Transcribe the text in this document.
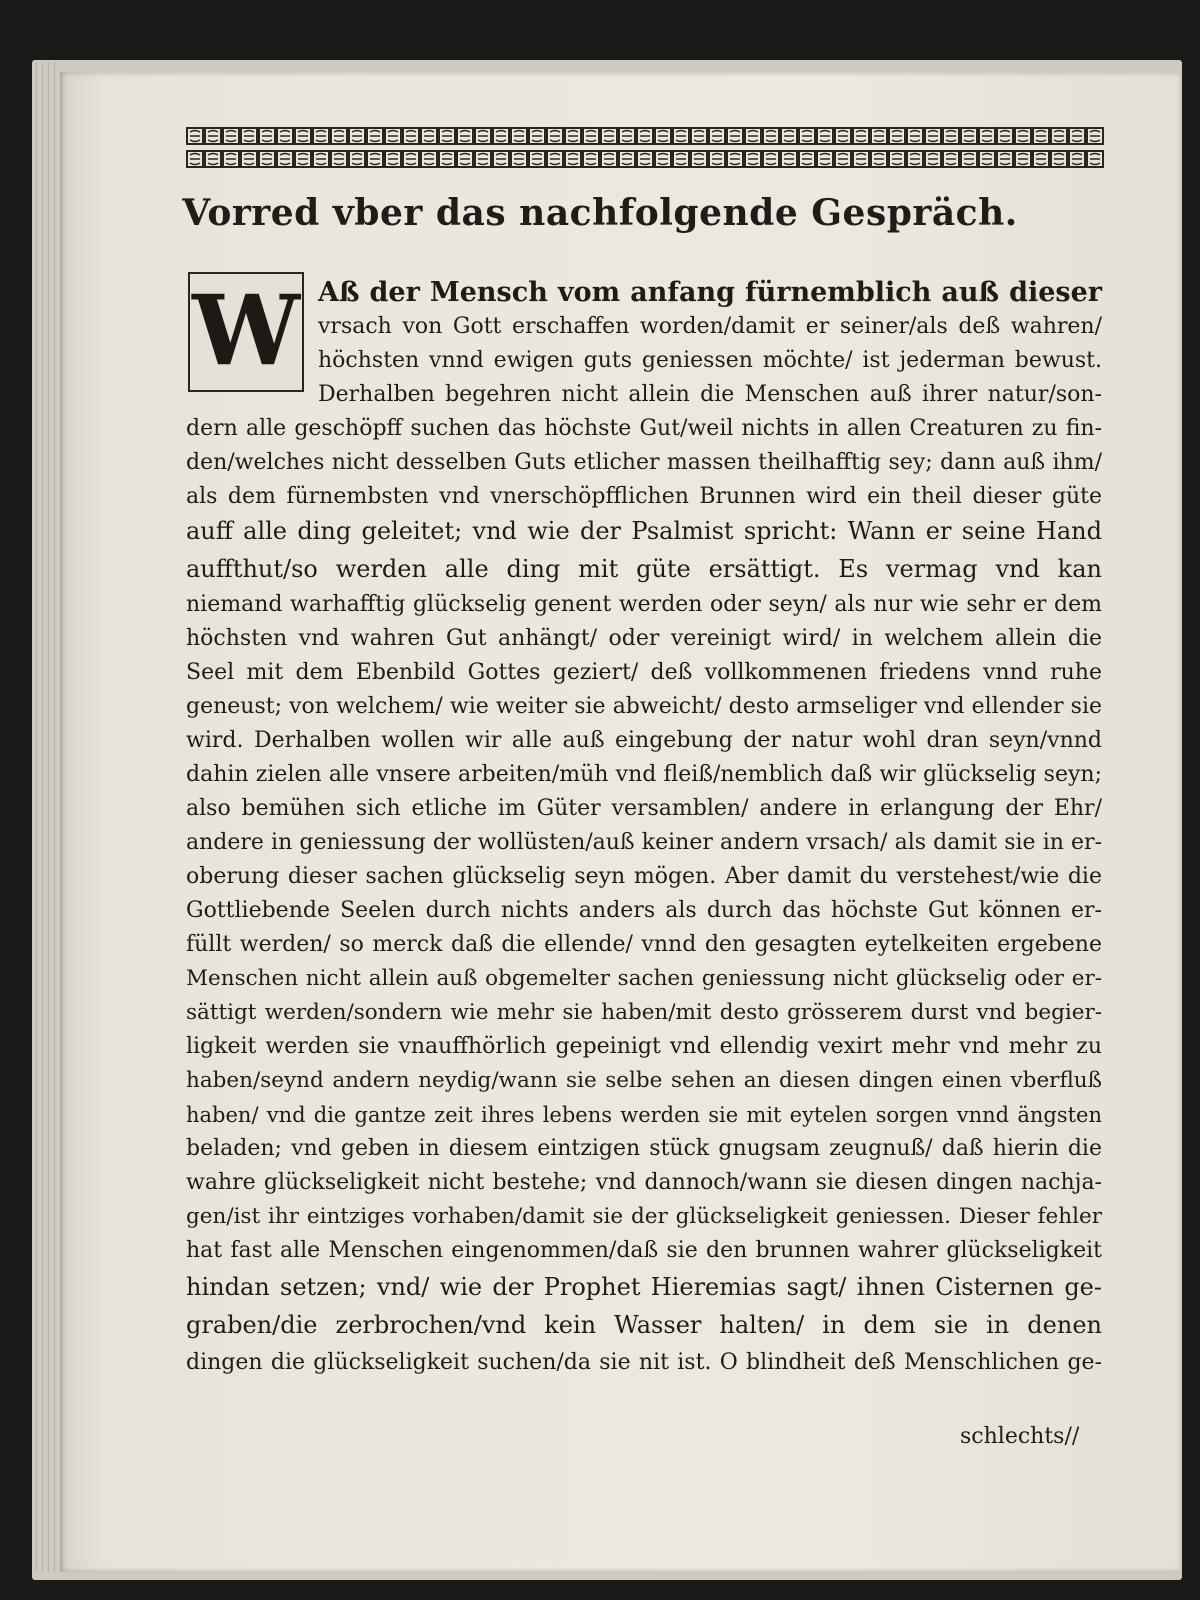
Vorred vber das nachfolgende Gespräch.
W Aß der Mensch vom anfang fürnemblich auß dieser

vrsach von Gott erschaffen worden/damit er seiner/als deß wahren/

höchsten vnnd ewigen guts geniessen möchte/ ist jederman bewust.

Derhalben begehren nicht allein die Menschen auß ihrer natur/son-

dern alle geschöpff suchen das höchste Gut/weil nichts in allen Creaturen zu fin-

den/welches nicht desselben Guts etlicher massen theilhafftig sey; dann auß ihm/

als dem fürnembsten vnd vnerschöpfflichen Brunnen wird ein theil dieser güte

auff alle ding geleitet; vnd wie der Psalmist spricht: Wann er seine Hand

auffthut/so werden alle ding mit güte ersättigt. Es vermag vnd kan

niemand warhafftig glückselig genent werden oder seyn/ als nur wie sehr er dem

höchsten vnd wahren Gut anhängt/ oder vereinigt wird/ in welchem allein die

Seel mit dem Ebenbild Gottes geziert/ deß vollkommenen friedens vnnd ruhe

geneust; von welchem/ wie weiter sie abweicht/ desto armseliger vnd ellender sie

wird. Derhalben wollen wir alle auß eingebung der natur wohl dran seyn/vnnd

dahin zielen alle vnsere arbeiten/müh vnd fleiß/nemblich daß wir glückselig seyn;

also bemühen sich etliche im Güter versamblen/ andere in erlangung der Ehr/

andere in geniessung der wollüsten/auß keiner andern vrsach/ als damit sie in er-

oberung dieser sachen glückselig seyn mögen. Aber damit du verstehest/wie die

Gottliebende Seelen durch nichts anders als durch das höchste Gut können er-

füllt werden/ so merck daß die ellende/ vnnd den gesagten eytelkeiten ergebene

Menschen nicht allein auß obgemelter sachen geniessung nicht glückselig oder er-

sättigt werden/sondern wie mehr sie haben/mit desto grösserem durst vnd begier-

ligkeit werden sie vnauffhörlich gepeinigt vnd ellendig vexirt mehr vnd mehr zu

haben/seynd andern neydig/wann sie selbe sehen an diesen dingen einen vberfluß

haben/ vnd die gantze zeit ihres lebens werden sie mit eytelen sorgen vnnd ängsten

beladen; vnd geben in diesem eintzigen stück gnugsam zeugnuß/ daß hierin die

wahre glückseligkeit nicht bestehe; vnd dannoch/wann sie diesen dingen nachja-

gen/ist ihr eintziges vorhaben/damit sie der glückseligkeit geniessen. Dieser fehler

hat fast alle Menschen eingenommen/daß sie den brunnen wahrer glückseligkeit

hindan setzen; vnd/ wie der Prophet Hieremias sagt/ ihnen Cisternen ge-

graben/die zerbrochen/vnd kein Wasser halten/ in dem sie in denen

dingen die glückseligkeit suchen/da sie nit ist. O blindheit deß Menschlichen ge-

schlechts//
